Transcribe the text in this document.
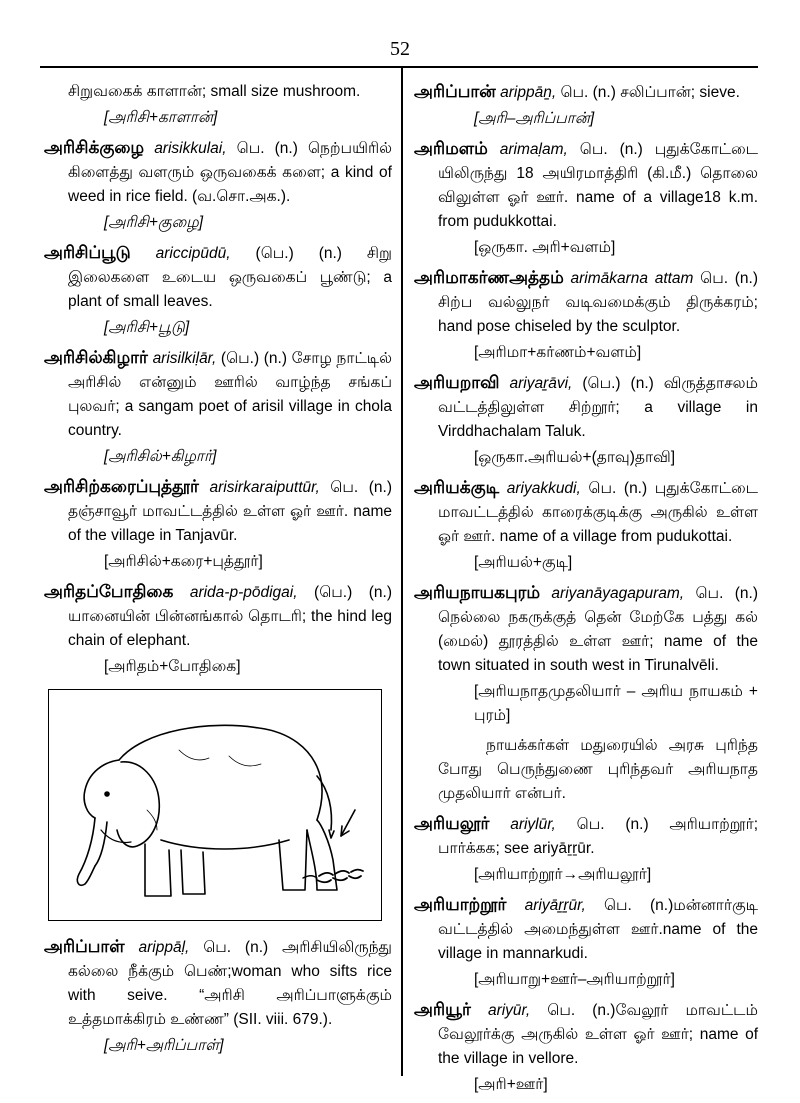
52
சிறுவகைக் காளான்; small size mushroom.
[அரிசி+காளான்]
அரிசிக்குழை arisikkulai, பெ. (n.) நெற்பயிரில் கிளைத்து வளரும் ஒருவகைக் களை; a kind of weed in rice field. (வ.சொ.அக.).
[அரிசி+குழை]
அரிசிப்பூடு ariccipūdū, (பெ.) (n.) சிறு இலைகளை உடைய ஒருவகைப் பூண்டு; a plant of small leaves.
[அரிசி+பூடு]
அரிசில்கிழார் arisilkiḷār, (பெ.) (n.) சோழ நாட்டில் அரிசில் என்னும் ஊரில் வாழ்ந்த சங்கப் புலவர்; a sangam poet of arisil village in chola country.
[அரிசில்+கிழார்]
அரிசிற்கரைப்புத்தூர் arisirkaraiputtūr, பெ. (n.) தஞ்சாவூர் மாவட்டத்தில் உள்ள ஓர் ஊர். name of the village in Tanjavūr.
[அரிசில்+கரை+புத்தூர்]
அரிதப்போதிகை arida-p-pōdigai, (பெ.) (n.) யானையின் பின்னங்கால் தொடரி; the hind leg chain of elephant.
[அரிதம்+போதிகை]
அரிப்பாள் arippāḷ, பெ. (n.) அரிசியிலிருந்து கல்லை நீக்கும் பெண்;woman who sifts rice with seive. “அரிசி அரிப்பாளுக்கும் உத்தமாக்கிரம் உண்ண” (SII. viii. 679.).
[அரி+அரிப்பாள்]
அரிப்பான் arippāṉ, பெ. (n.) சலிப்பான்; sieve.
[அரி–அரிப்பான்]
அரிமளம் arimaḷam, பெ. (n.) புதுக்கோட்டை யிலிருந்து 18 அயிரமாத்திரி (கி.மீ.) தொலை விலுள்ள ஓர் ஊர். name of a village18 k.m. from pudukkottai.
[ஒருகா. அரி+வளம்]
அரிமாகர்ணஅத்தம் arimākarna attam பெ. (n.) சிற்ப வல்லுநர் வடிவமைக்கும் திருக்கரம்; hand pose chiseled by the sculptor.
[அரிமா+கர்ணம்+வளம்]
அரியறாவி ariyaṟāvi, (பெ.) (n.) விருத்தாசலம் வட்டத்திலுள்ள சிற்றூர்; a village in Virddhachalam Taluk.
[ஒருகா.அரியல்+(தாவு)தாவி]
அரியக்குடி ariyakkudi, பெ. (n.) புதுக்கோட்டை மாவட்டத்தில் காரைக்குடிக்கு அருகில் உள்ள ஓர் ஊர். name of a village from pudukottai.
[அரியல்+குடி]
அரியநாயகபுரம் ariyanāyagapuram, பெ. (n.) நெல்லை நகருக்குத் தென் மேற்கே பத்து கல் (மைல்) தூரத்தில் உள்ள ஊர்; name of the town situated in south west in Tirunalvēli.
[அரியநாதமுதலியார் – அரிய நாயகம் + புரம்]
நாயக்கர்கள் மதுரையில் அரசு புரிந்த போது பெருந்துணை புரிந்தவர் அரியநாத முதலியார் என்பர்.
அரியலூர் ariylūr, பெ. (n.) அரியாற்றூர்; பார்க்கக; see ariyāṟṟūr.
[அரியாற்றூர்→அரியலூர்]
அரியாற்றூர் ariyāṟṟūr, பெ. (n.)மன்னார்குடி வட்டத்தில் அமைந்துள்ள ஊர்.name of the village in mannarkudi.
[அரியாறு+ஊர்–அரியாற்றூர்]
அரியூர் ariyūr, பெ. (n.)வேலூர் மாவட்டம் வேலூர்க்கு அருகில் உள்ள ஓர் ஊர்; name of the village in vellore.
[அரி+ஊர்]
